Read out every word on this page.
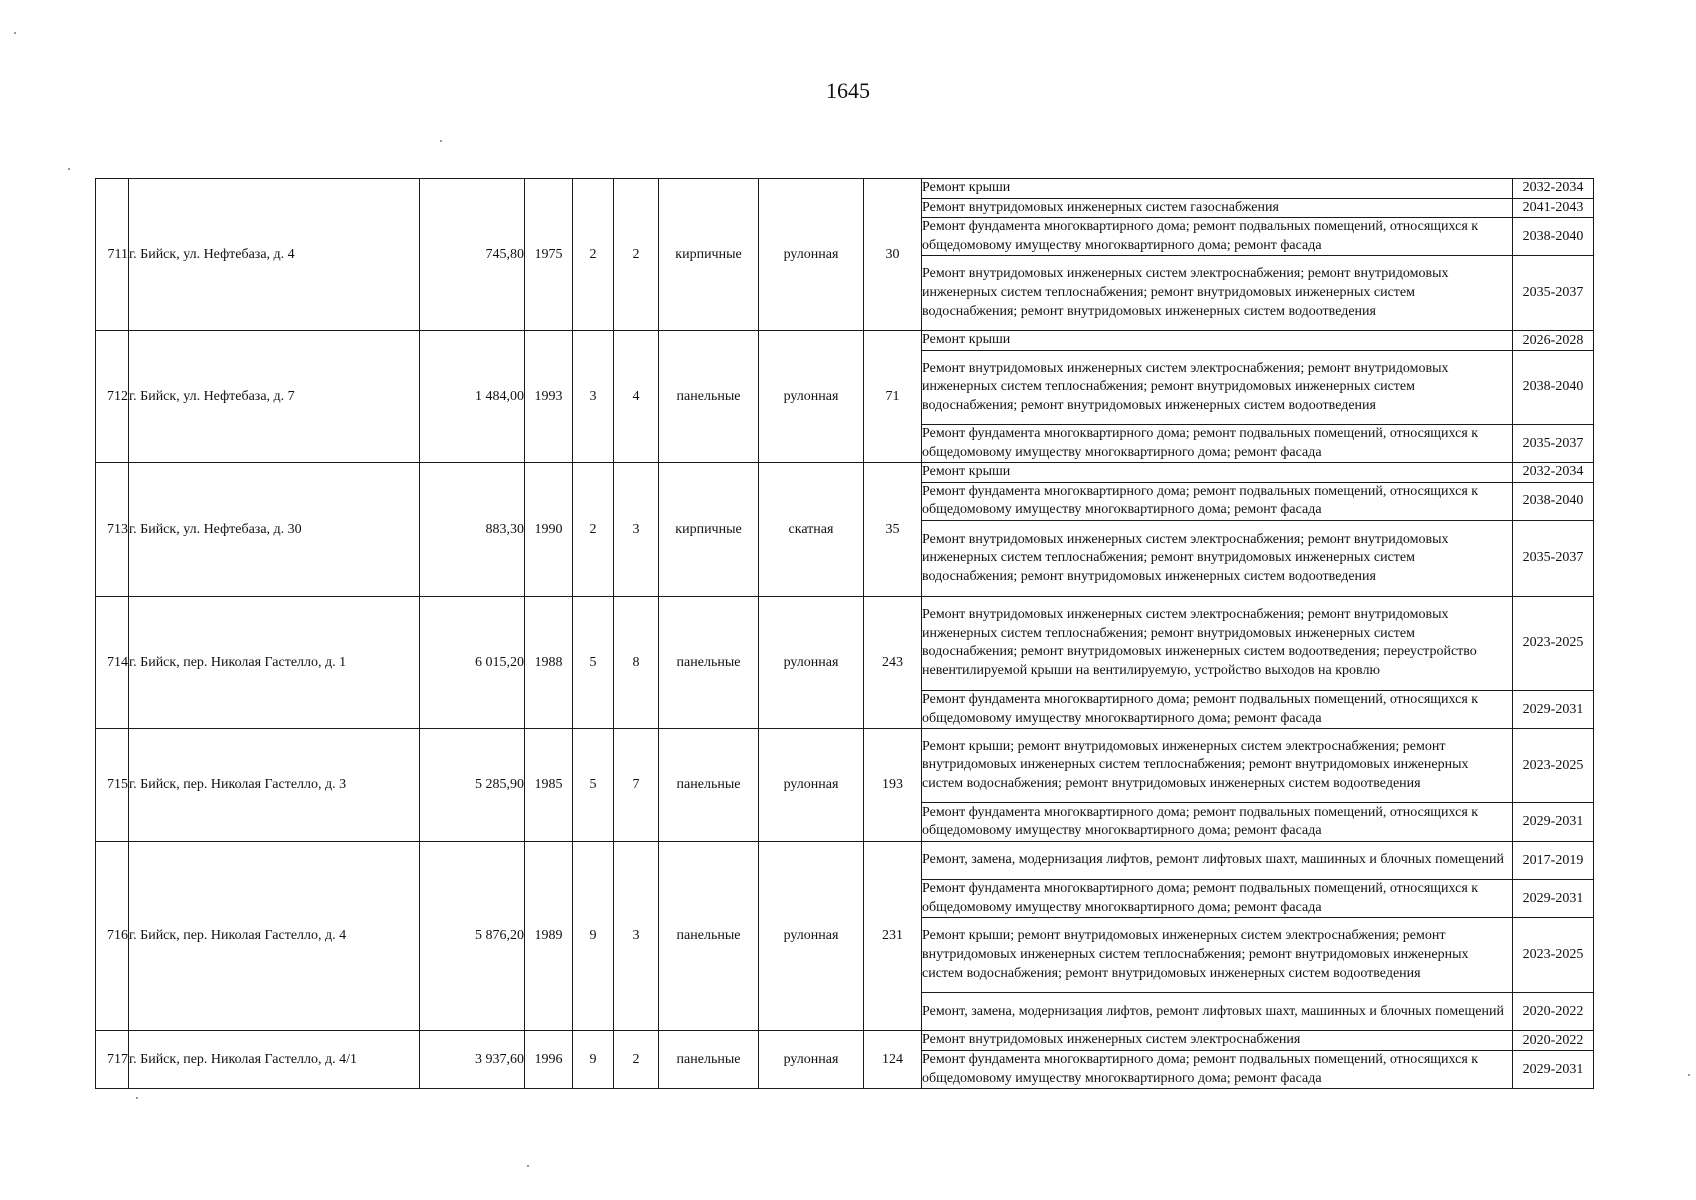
1645
711	г. Бийск, ул. Нефтебаза, д. 4	745,80	1975	2	2	кирпичные	рулонная	30	Ремонт крыши	2032-2034
									Ремонт внутридомовых инженерных систем газоснабжения	2041-2043
									Ремонт фундамента многоквартирного дома; ремонт подвальных помещений, относящихся к общедомовому имуществу многоквартирного дома; ремонт фасада	2038-2040
									Ремонт внутридомовых инженерных систем электроснабжения; ремонт внутридомовых инженерных систем теплоснабжения; ремонт внутридомовых инженерных систем водоснабжения; ремонт внутридомовых инженерных систем водоотведения	2035-2037
712	г. Бийск, ул. Нефтебаза, д. 7	1 484,00	1993	3	4	панельные	рулонная	71	Ремонт крыши	2026-2028
									Ремонт внутридомовых инженерных систем электроснабжения; ремонт внутридомовых инженерных систем теплоснабжения; ремонт внутридомовых инженерных систем водоснабжения; ремонт внутридомовых инженерных систем водоотведения	2038-2040
									Ремонт фундамента многоквартирного дома; ремонт подвальных помещений, относящихся к общедомовому имуществу многоквартирного дома; ремонт фасада	2035-2037
713	г. Бийск, ул. Нефтебаза, д. 30	883,30	1990	2	3	кирпичные	скатная	35	Ремонт крыши	2032-2034
									Ремонт фундамента многоквартирного дома; ремонт подвальных помещений, относящихся к общедомовому имуществу многоквартирного дома; ремонт фасада	2038-2040
									Ремонт внутридомовых инженерных систем электроснабжения; ремонт внутридомовых инженерных систем теплоснабжения; ремонт внутридомовых инженерных систем водоснабжения; ремонт внутридомовых инженерных систем водоотведения	2035-2037
714	г. Бийск, пер. Николая Гастелло, д. 1	6 015,20	1988	5	8	панельные	рулонная	243	Ремонт внутридомовых инженерных систем электроснабжения; ремонт внутридомовых инженерных систем теплоснабжения; ремонт внутридомовых инженерных систем водоснабжения; ремонт внутридомовых инженерных систем водоотведения; переустройство невентилируемой крыши на вентилируемую, устройство выходов на кровлю	2023-2025
									Ремонт фундамента многоквартирного дома; ремонт подвальных помещений, относящихся к общедомовому имуществу многоквартирного дома; ремонт фасада	2029-2031
715	г. Бийск, пер. Николая Гастелло, д. 3	5 285,90	1985	5	7	панельные	рулонная	193	Ремонт крыши; ремонт внутридомовых инженерных систем электроснабжения; ремонт внутридомовых инженерных систем теплоснабжения; ремонт внутридомовых инженерных систем водоснабжения; ремонт внутридомовых инженерных систем водоотведения	2023-2025
									Ремонт фундамента многоквартирного дома; ремонт подвальных помещений, относящихся к общедомовому имуществу многоквартирного дома; ремонт фасада	2029-2031
716	г. Бийск, пер. Николая Гастелло, д. 4	5 876,20	1989	9	3	панельные	рулонная	231	Ремонт, замена, модернизация лифтов, ремонт лифтовых шахт, машинных и блочных помещений	2017-2019
									Ремонт фундамента многоквартирного дома; ремонт подвальных помещений, относящихся к общедомовому имуществу многоквартирного дома; ремонт фасада	2029-2031
									Ремонт крыши; ремонт внутридомовых инженерных систем электроснабжения; ремонт внутридомовых инженерных систем теплоснабжения; ремонт внутридомовых инженерных систем водоснабжения; ремонт внутридомовых инженерных систем водоотведения	2023-2025
									Ремонт, замена, модернизация лифтов, ремонт лифтовых шахт, машинных и блочных помещений	2020-2022
717	г. Бийск, пер. Николая Гастелло, д. 4/1	3 937,60	1996	9	2	панельные	рулонная	124	Ремонт внутридомовых инженерных систем электроснабжения	2020-2022
									Ремонт фундамента многоквартирного дома; ремонт подвальных помещений, относящихся к общедомовому имуществу многоквартирного дома; ремонт фасада	2029-2031
